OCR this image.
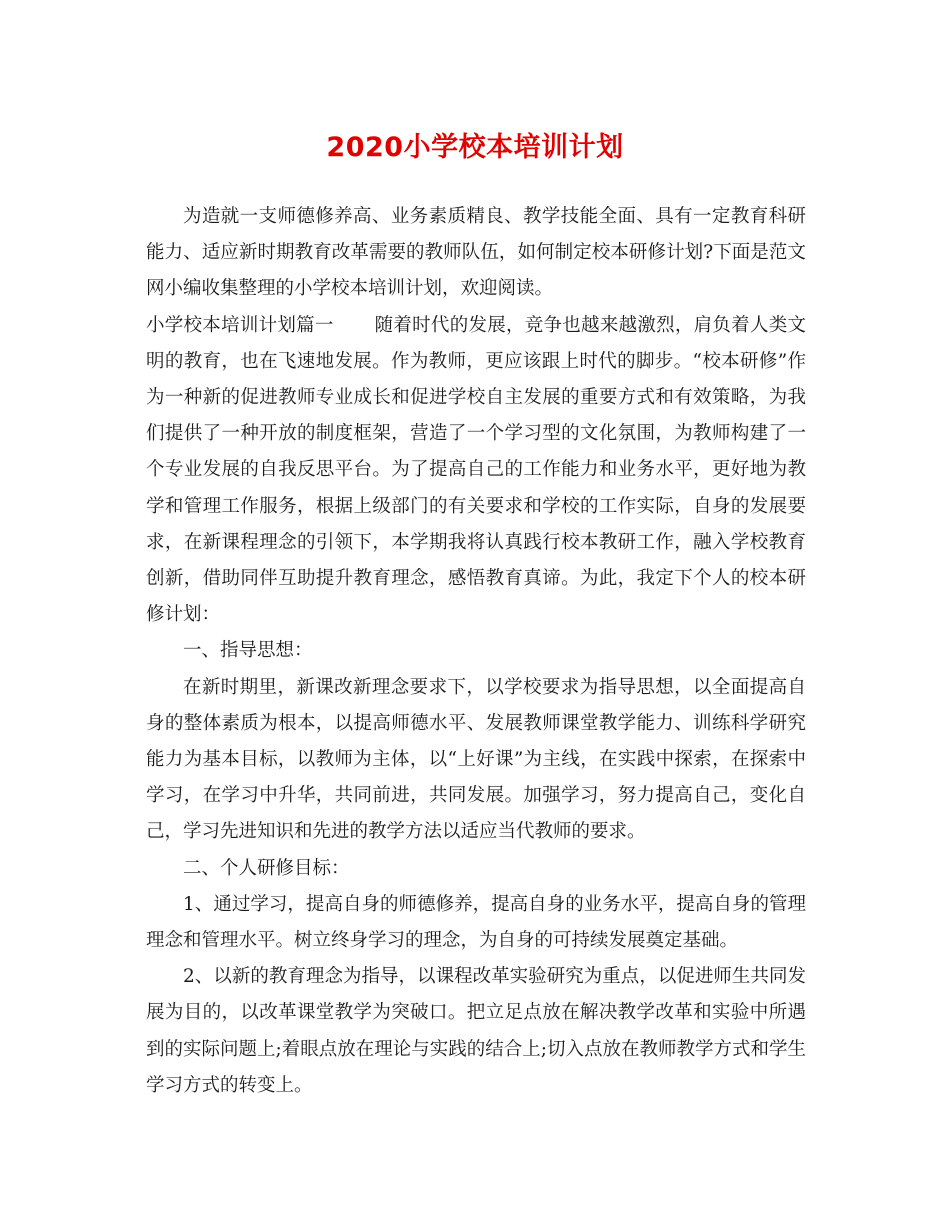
2020小学校本培训计划

为造就一支师德修养高、业务素质精良、教学技能全面、具有一定教育科研能力、适应新时期教育改革需要的教师队伍，如何制定校本研修计划?下面是范文网小编收集整理的小学校本培训计划，欢迎阅读。

小学校本培训计划篇一 随着时代的发展，竞争也越来越激烈，肩负着人类文明的教育，也在飞速地发展。作为教师，更应该跟上时代的脚步。“校本研修”作为一种新的促进教师专业成长和促进学校自主发展的重要方式和有效策略，为我们提供了一种开放的制度框架，营造了一个学习型的文化氛围，为教师构建了一个专业发展的自我反思平台。为了提高自己的工作能力和业务水平，更好地为教学和管理工作服务，根据上级部门的有关要求和学校的工作实际，自身的发展要求，在新课程理念的引领下，本学期我将认真践行校本教研工作，融入学校教育创新，借助同伴互助提升教育理念，感悟教育真谛。为此，我定下个人的校本研修计划：

一、指导思想：

在新时期里，新课改新理念要求下，以学校要求为指导思想，以全面提高自身的整体素质为根本，以提高师德水平、发展教师课堂教学能力、训练科学研究能力为基本目标，以教师为主体，以“上好课”为主线，在实践中探索，在探索中学习，在学习中升华，共同前进，共同发展。加强学习，努力提高自己，变化自己，学习先进知识和先进的教学方法以适应当代教师的要求。

二、个人研修目标：

1、通过学习，提高自身的师德修养，提高自身的业务水平，提高自身的管理理念和管理水平。树立终身学习的理念，为自身的可持续发展奠定基础。

2、以新的教育理念为指导，以课程改革实验研究为重点，以促进师生共同发展为目的，以改革课堂教学为突破口。把立足点放在解决教学改革和实验中所遇到的实际问题上;着眼点放在理论与实践的结合上;切入点放在教师教学方式和学生学习方式的转变上。
